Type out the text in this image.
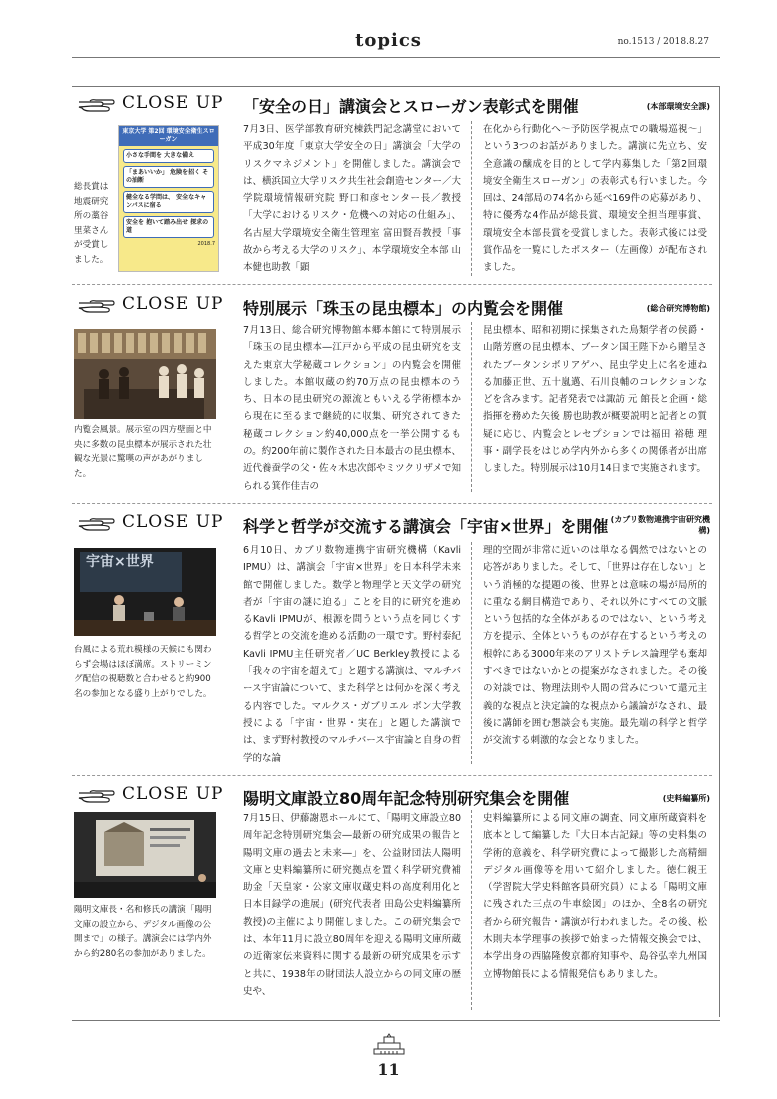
topics	no.1513 / 2018.8.27
CLOSE UP 「安全の日」講演会とスローガン表彰式を開催	(本部環境安全課)
総長賞は地震研究所の藁谷里菜さんが受賞しました。
東京大学 第2回 環境安全衛生スローガン
小さな手間を 大きな備え
「まあいいか」 危険を招く その油断
健全なる学問は、 安全なキャンパスに宿る
安全を 抱いて踏み出せ 探求の道
2018.7
7月3日、医学部教育研究棟鉄門記念講堂において平成30年度「東京大学安全の日」講演会「大学のリスクマネジメント」を開催しました。講演会では、横浜国立大学リスク共生社会創造センター／大学院環境情報研究院 野口和彦センター長／教授「大学におけるリスク・危機への対応の仕組み」、名古屋大学環境安全衛生管理室 富田賢吾教授「事故から考える大学のリスク」、本学環境安全本部 山本健也助教「顕
在化から行動化へ〜予防医学視点での職場巡視〜」という3つのお話がありました。講演に先立ち、安全意識の醸成を目的として学内募集した「第2回環境安全衛生スローガン」の表彰式も行いました。今回は、24部局の74名から延べ169件の応募があり、特に優秀な4作品が総長賞、環境安全担当理事賞、環境安全本部長賞を受賞しました。表彰式後には受賞作品を一覧にしたポスター（左画像）が配布されました。
CLOSE UP 特別展示「珠玉の昆虫標本」の内覧会を開催	(総合研究博物館)
内覧会風景。展示室の四方壁面と中央に多数の昆虫標本が展示された壮観な光景に驚嘆の声があがりました。
7月13日、総合研究博物館本郷本館にて特別展示「珠玉の昆虫標本―江戸から平成の昆虫研究を支えた東京大学秘蔵コレクション」の内覧会を開催しました。本館収蔵の約70万点の昆虫標本のうち、日本の昆虫研究の源流ともいえる学術標本から現在に至るまで継続的に収集、研究されてきた秘蔵コレクション約40,000点を一挙公開するもの。約200年前に製作された日本最古の昆虫標本、近代養蚕学の父・佐々木忠次郎やミツクリザメで知られる箕作佳吉の
昆虫標本、昭和初期に採集された鳥類学者の侯爵・山階芳麿の昆虫標本、ブータン国王陛下から贈呈されたブータンシボリアゲハ、昆虫学史上に名を連ねる加藤正世、五十嵐邁、石川良輔のコレクションなどを含みます。記者発表では諏訪 元 館長と企画・総指揮を務めた矢後 勝也助教が概要説明と記者との質疑に応じ、内覧会とレセプションでは福田 裕穂 理事・副学長をはじめ学内外から多くの関係者が出席しました。特別展示は10月14日まで実施されます。
CLOSE UP 科学と哲学が交流する講演会「宇宙×世界」を開催 (カブリ数物連携宇宙研究機構)
宇宙×世界
台風による荒れ模様の天候にも関わらず会場はほぼ満席。ストリーミング配信の視聴数と合わせると約900名の参加となる盛り上がりでした。
6月10日、カブリ数物連携宇宙研究機構（Kavli IPMU）は、講演会「宇宙×世界」を日本科学未来館で開催しました。数学と物理学と天文学の研究者が「宇宙の謎に迫る」ことを目的に研究を進めるKavli IPMUが、根源を問うという点を同じくする哲学との交流を進める活動の一環です。野村泰紀Kavli IPMU主任研究者／UC Berkley教授による「我々の宇宙を超えて」と題する講演は、マルチバース宇宙論について、また科学とは何かを深く考える内容でした。マルクス・ガブリエル ボン大学教授による「宇宙・世界・実在」と題した講演では、まず野村教授のマルチバース宇宙論と自身の哲学的な論
理的空間が非常に近いのは単なる偶然ではないとの応答がありました。そして、「世界は存在しない」という消極的な提題の後、世界とは意味の場が局所的に重なる網目構造であり、それ以外にすべての文脈という包括的な全体があるのではない、という考え方を提示、全体というものが存在するという考えの根幹にある3000年来のアリストテレス論理学も棄却すべきではないかとの提案がなされました。その後の対談では、物理法則や人間の営みについて還元主義的な視点と決定論的な視点から議論がなされ、最後に講師を囲む懇談会も実施。最先端の科学と哲学が交流する刺激的な会となりました。
CLOSE UP 陽明文庫設立80周年記念特別研究集会を開催	(史料編纂所)
陽明文庫長・名和修氏の講演「陽明文庫の設立から、デジタル画像の公開まで」の様子。講演会には学内外から約280名の参加がありました。
7月15日、伊藤謝恩ホールにて、「陽明文庫設立80周年記念特別研究集会―最新の研究成果の報告と陽明文庫の過去と未来―」を、公益財団法人陽明文庫と史料編纂所に研究拠点を置く科学研究費補助金「天皇家・公家文庫収蔵史料の高度利用化と日本目録学の進展」(研究代表者 田島公史料編纂所教授)の主催により開催しました。この研究集会では、本年11月に設立80周年を迎える陽明文庫所蔵の近衛家伝来資料に関する最新の研究成果を示すと共に、1938年の財団法人設立からの同文庫の歴史や、
史料編纂所による同文庫の調査、同文庫所蔵資料を底本として編纂した『大日本古記録』等の史料集の学術的意義を、科学研究費によって撮影した高精細デジタル画像等を用いて紹介しました。徳仁親王（学習院大学史料館客員研究員）による「陽明文庫に残された三点の牛車絵図」のほか、全8名の研究者から研究報告・講演が行われました。その後、松木則夫本学理事の挨拶で始まった情報交換会では、本学出身の西脇隆俊京都府知事や、島谷弘幸九州国立博物館長による情報発信もありました。
11
